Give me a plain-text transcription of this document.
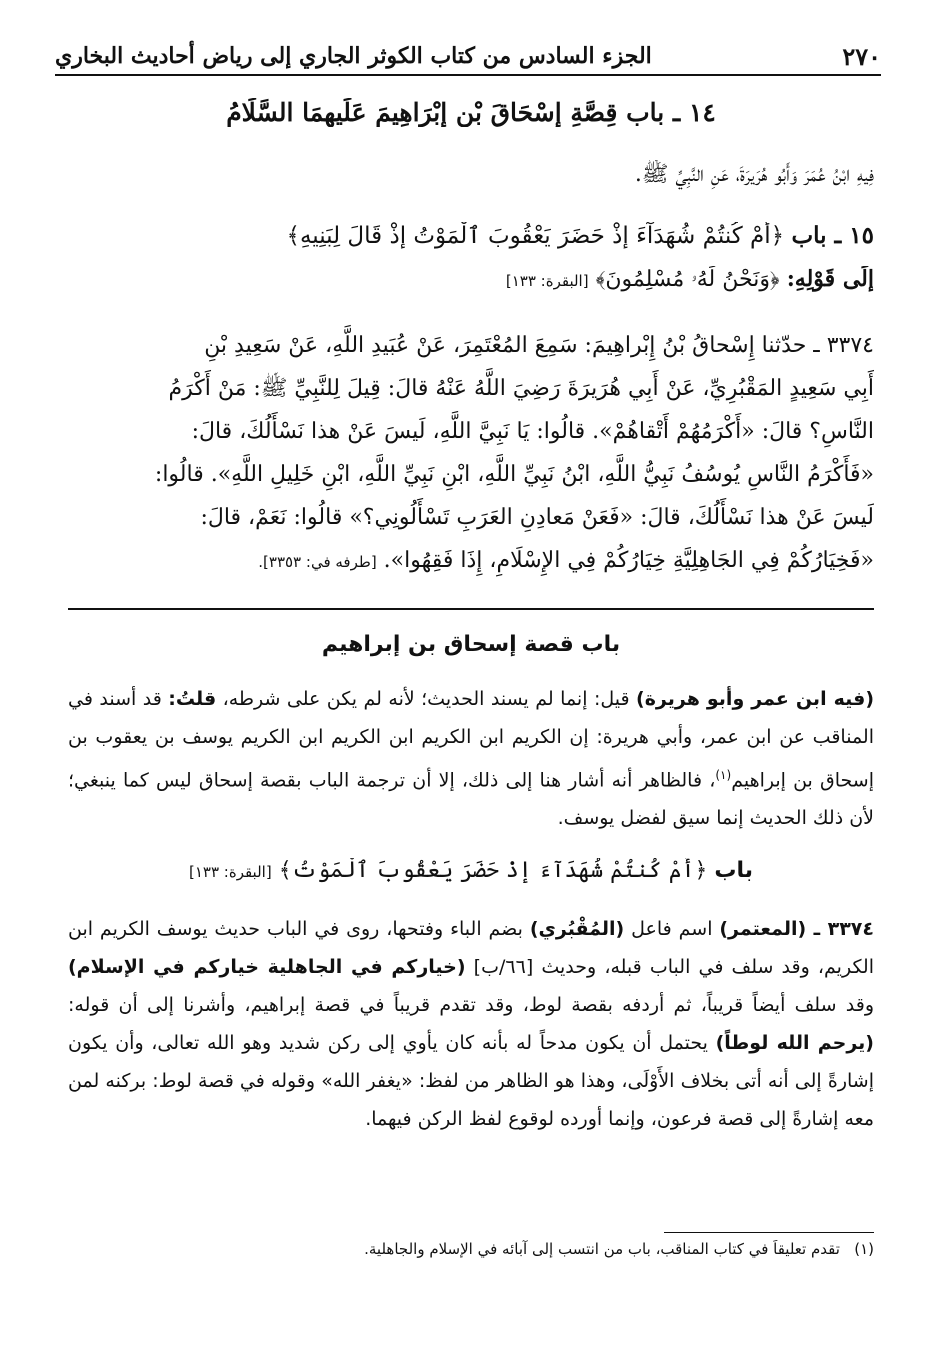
٢٧٠
الجزء السادس من كتاب الكوثر الجاري إلى رياض أحاديث البخاري
١٤ ـ باب قِصَّةِ إِسْحَاقَ بْنِ إِبْرَاهِيمَ عَلَيهِمَا السَّلَامُ
فِيهِ ابْنُ عُمَرَ وَأَبُو هُرَيرَةَ، عَنِ النَّبِيِّ ﷺ.
١٥ ـ باب ﴿أَمْ كُنتُمْ شُهَدَآءَ إِذْ حَضَرَ يَعْقُوبَ ٱلْمَوْتُ إِذْ قَالَ لِبَنِيهِ﴾
إِلَى قَوْلِهِ: ﴿وَنَحْنُ لَهُۥ مُسْلِمُونَ﴾ [البقرة: ١٣٣]
٣٣٧٤ ـ حدّثنا إِسْحاقُ بْنُ إِبْراهِيمَ: سَمِعَ المُعْتَمِرَ، عَنْ عُبَيدِ اللَّهِ، عَنْ سَعِيدِ بْنِ
أَبِي سَعِيدٍ المَقْبُرِيِّ، عَنْ أَبِي هُرَيرَةَ رَضِيَ اللَّهُ عَنْهُ قالَ: قِيلَ لِلنَّبِيِّ ﷺ: مَنْ أَكْرَمُ
النَّاسِ؟ قالَ: «أَكْرَمُهُمْ أَتْقاهُمْ». قالُوا: يَا نَبِيَّ اللَّهِ، لَيسَ عَنْ هذا نَسْأَلُكَ، قالَ:
«فَأَكْرَمُ النَّاسِ يُوسُفُ نَبِيُّ اللَّهِ، ابْنُ نَبِيِّ اللَّهِ، ابْنِ نَبِيِّ اللَّهِ، ابْنِ خَلِيلِ اللَّهِ». قالُوا:
لَيسَ عَنْ هذا نَسْأَلُكَ، قالَ: «فَعَنْ مَعادِنِ العَرَبِ تَسْأَلُونِي؟» قالُوا: نَعَمْ، قالَ:
«فَخِيَارُكُمْ فِي الجَاهِلِيَّةِ خِيَارُكُمْ فِي الإِسْلَامِ، إِذَا فَقِهُوا». [طرفه في: ٣٣٥٣].
باب قصة إسحاق بن إبراهيم
(فيه ابن عمر وأبو هريرة) قيل: إنما لم يسند الحديث؛ لأنه لم يكن على شرطه، قلتُ: قد أسند في المناقب عن ابن عمر، وأبي هريرة: إن الكريم ابن الكريم ابن الكريم ابن الكريم يوسف بن يعقوب بن إسحاق بن إبراهيم$^{(١)}$، فالظاهر أنه أشار هنا إلى ذلك، إلا أن ترجمة الباب بقصة إسحاق ليس كما ينبغي؛ لأن ذلك الحديث إنما سيق لفضل يوسف.
باب ﴿أَمْ كُنتُمْ شُهَدَآءَ إِذْ حَضَرَ يَعْقُوبَ ٱلْمَوْتُ﴾ [البقرة: ١٣٣]
٣٣٧٤ ـ (المعتمر) اسم فاعل (المُقْبُري) بضم الباء وفتحها، روى في الباب حديث يوسف الكريم ابن الكريم، وقد سلف في الباب قبله، وحديث [٦٦/ب] (خياركم في الجاهلية خياركم في الإسلام) وقد سلف أيضاً قريباً، ثم أردفه بقصة لوط، وقد تقدم قريباً في قصة إبراهيم، وأشرنا إلى أن قوله: (يرحم الله لوطاً) يحتمل أن يكون مدحاً له بأنه كان يأوي إلى ركن شديد وهو الله تعالى، وأن يكون إشارةً إلى أنه أتى بخلاف الأَوْلَى، وهذا هو الظاهر من لفظ: «يغفر الله» وقوله في قصة لوط: بركنه لمن معه إشارةً إلى قصة فرعون، وإنما أورده لوقوع لفظ الركن فيهما.
(١)   تقدم تعليقاً في كتاب المناقب، باب من انتسب إلى آبائه في الإسلام والجاهلية.
